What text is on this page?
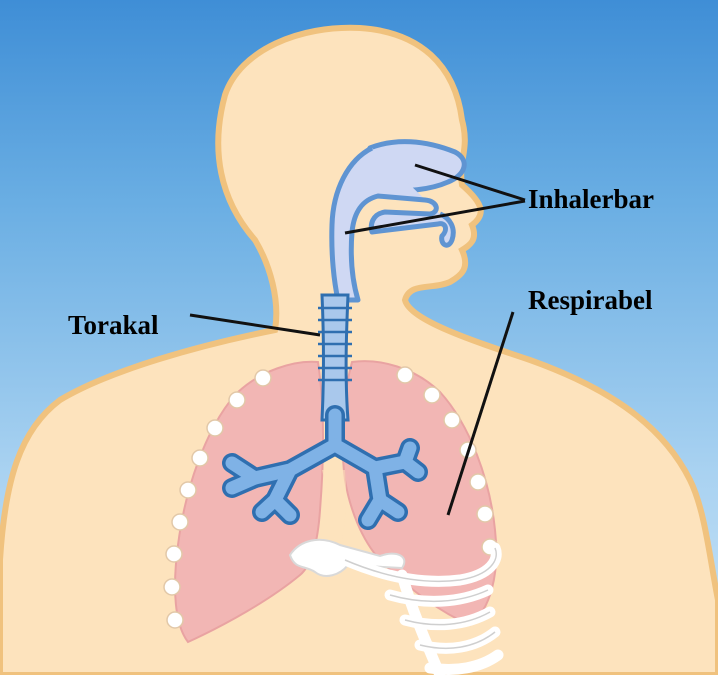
Inhalerbar
Respirabel
Torakal
